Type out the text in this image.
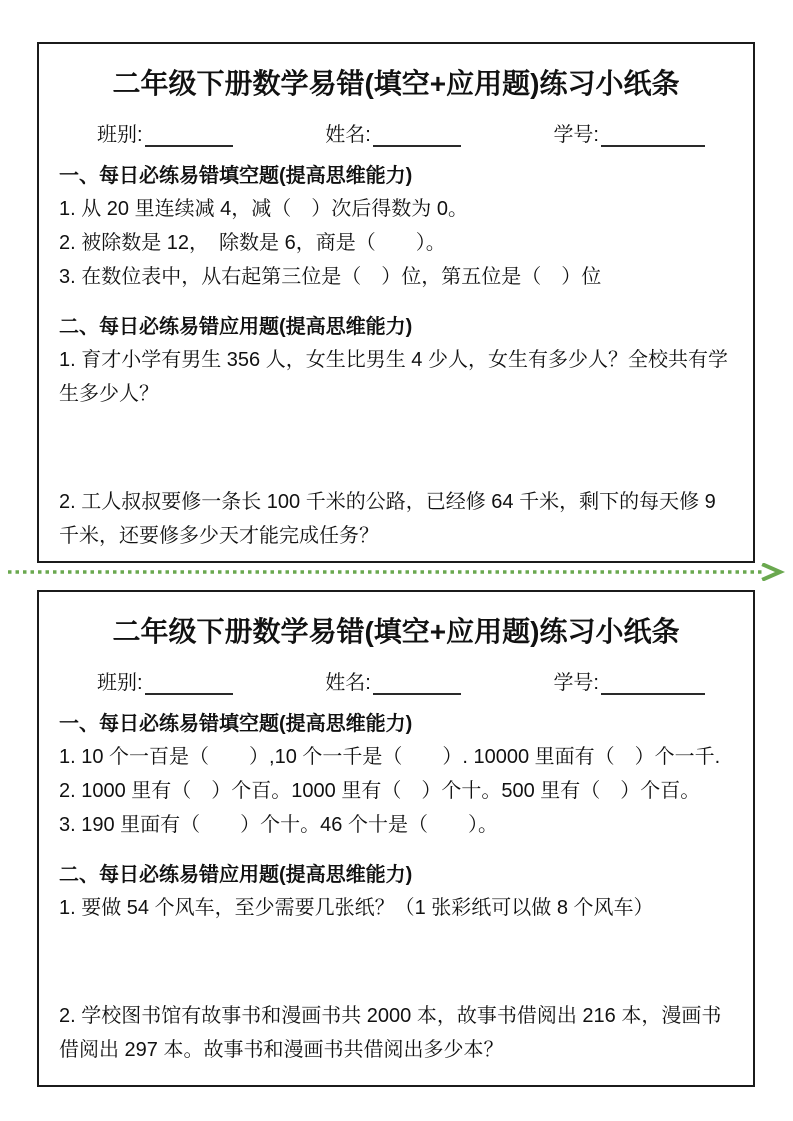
二年级下册数学易错(填空+应用题)练习小纸条
班别:	姓名:	学号:
一、每日必练易错填空题(提高思维能力)
1. 从 20 里连续减 4，减（　）次后得数为 0。
2. 被除数是 12，　除数是 6，商是（　　）。
3. 在数位表中，从右起第三位是（　）位，第五位是（　）位
二、每日必练易错应用题(提高思维能力)
1. 育才小学有男生 356 人，女生比男生 4 少人，女生有多少人？全校共有学生多少人？
2. 工人叔叔要修一条长 100 千米的公路，已经修 64 千米，剩下的每天修 9 千米，还要修多少天才能完成任务？
二年级下册数学易错(填空+应用题)练习小纸条
班别:	姓名:	学号:
一、每日必练易错填空题(提高思维能力)
1. 10 个一百是（　　）,10 个一千是（　　）. 10000 里面有（　）个一千.
2. 1000 里有（　）个百。1000 里有（　）个十。500 里有（　）个百。
3. 190 里面有（　　）个十。46 个十是（　　）。
二、每日必练易错应用题(提高思维能力)
1. 要做 54 个风车，至少需要几张纸？（1 张彩纸可以做 8 个风车）
2. 学校图书馆有故事书和漫画书共 2000 本，故事书借阅出 216 本，漫画书借阅出 297 本。故事书和漫画书共借阅出多少本？
